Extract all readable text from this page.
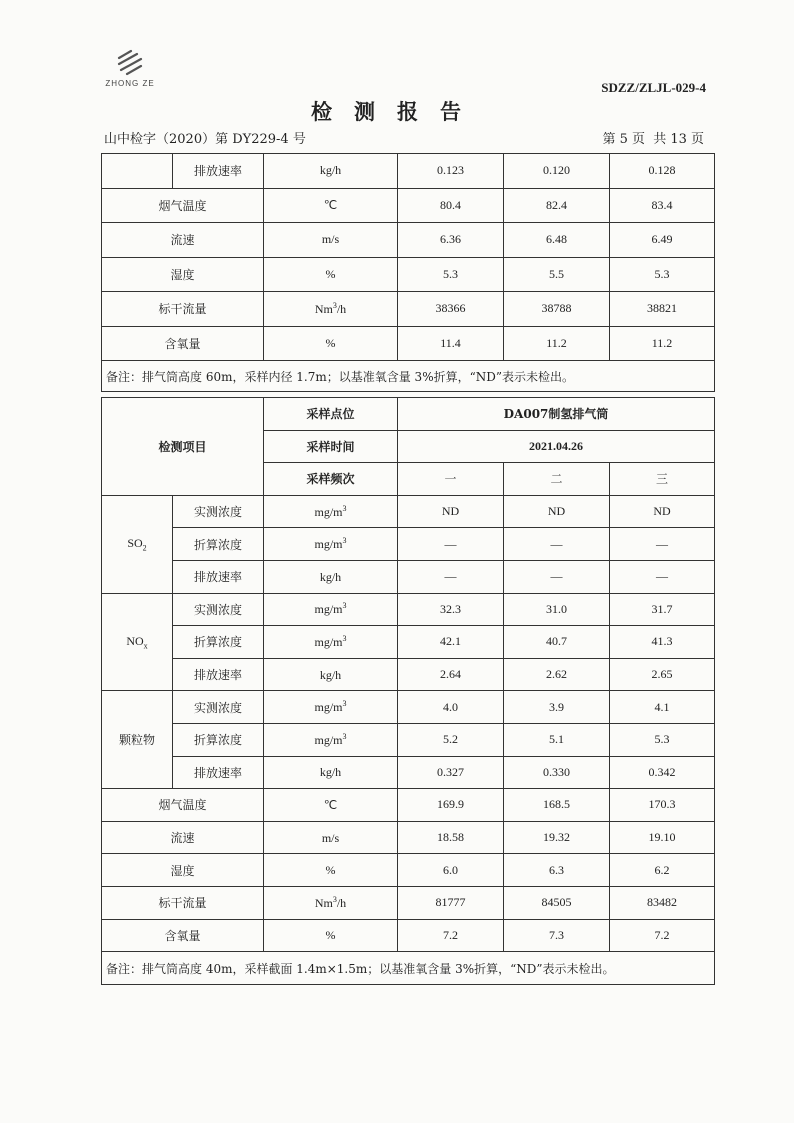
ZHONG ZE	SDZZ/ZLJL-029-4
检测报告
山中检字（2020）第 DY229-4 号	第 5 页 共 13 页
	排放速率	kg/h	0.123	0.120	0.128
烟气温度		℃	80.4	82.4	83.4
流速		m/s	6.36	6.48	6.49
湿度		%	5.3	5.5	5.3
标干流量		Nm$^3$/h	38366	38788	38821
含氧量		%	11.4	11.2	11.2
备注：排气筒高度 60m，采样内径 1.7m；以基准氧含量 3%折算，“ND”表示未检出。					
检测项目		采样点位	DA007制氢排气筒		
		采样时间	2021.04.26		
		采样频次	一	二	三
$SO_2$	实测浓度	$mg/m^3$	ND	ND	ND
	折算浓度	$mg/m^3$	—	—	—
	排放速率	kg/h	—	—	—
$NO_x$	实测浓度	$mg/m^3$	32.3	31.0	31.7
	折算浓度	$mg/m^3$	42.1	40.7	41.3
	排放速率	kg/h	2.64	2.62	2.65
颗粒物	实测浓度	$mg/m^3$	4.0	3.9	4.1
	折算浓度	$mg/m^3$	5.2	5.1	5.3
	排放速率	kg/h	0.327	0.330	0.342
烟气温度		℃	169.9	168.5	170.3
流速		m/s	18.58	19.32	19.10
湿度		%	6.0	6.3	6.2
标干流量		Nm$^3$/h	81777	84505	83482
含氧量		%	7.2	7.3	7.2
备注：排气筒高度 40m，采样截面 1.4m×1.5m；以基准氧含量 3%折算，“ND”表示未检出。					
